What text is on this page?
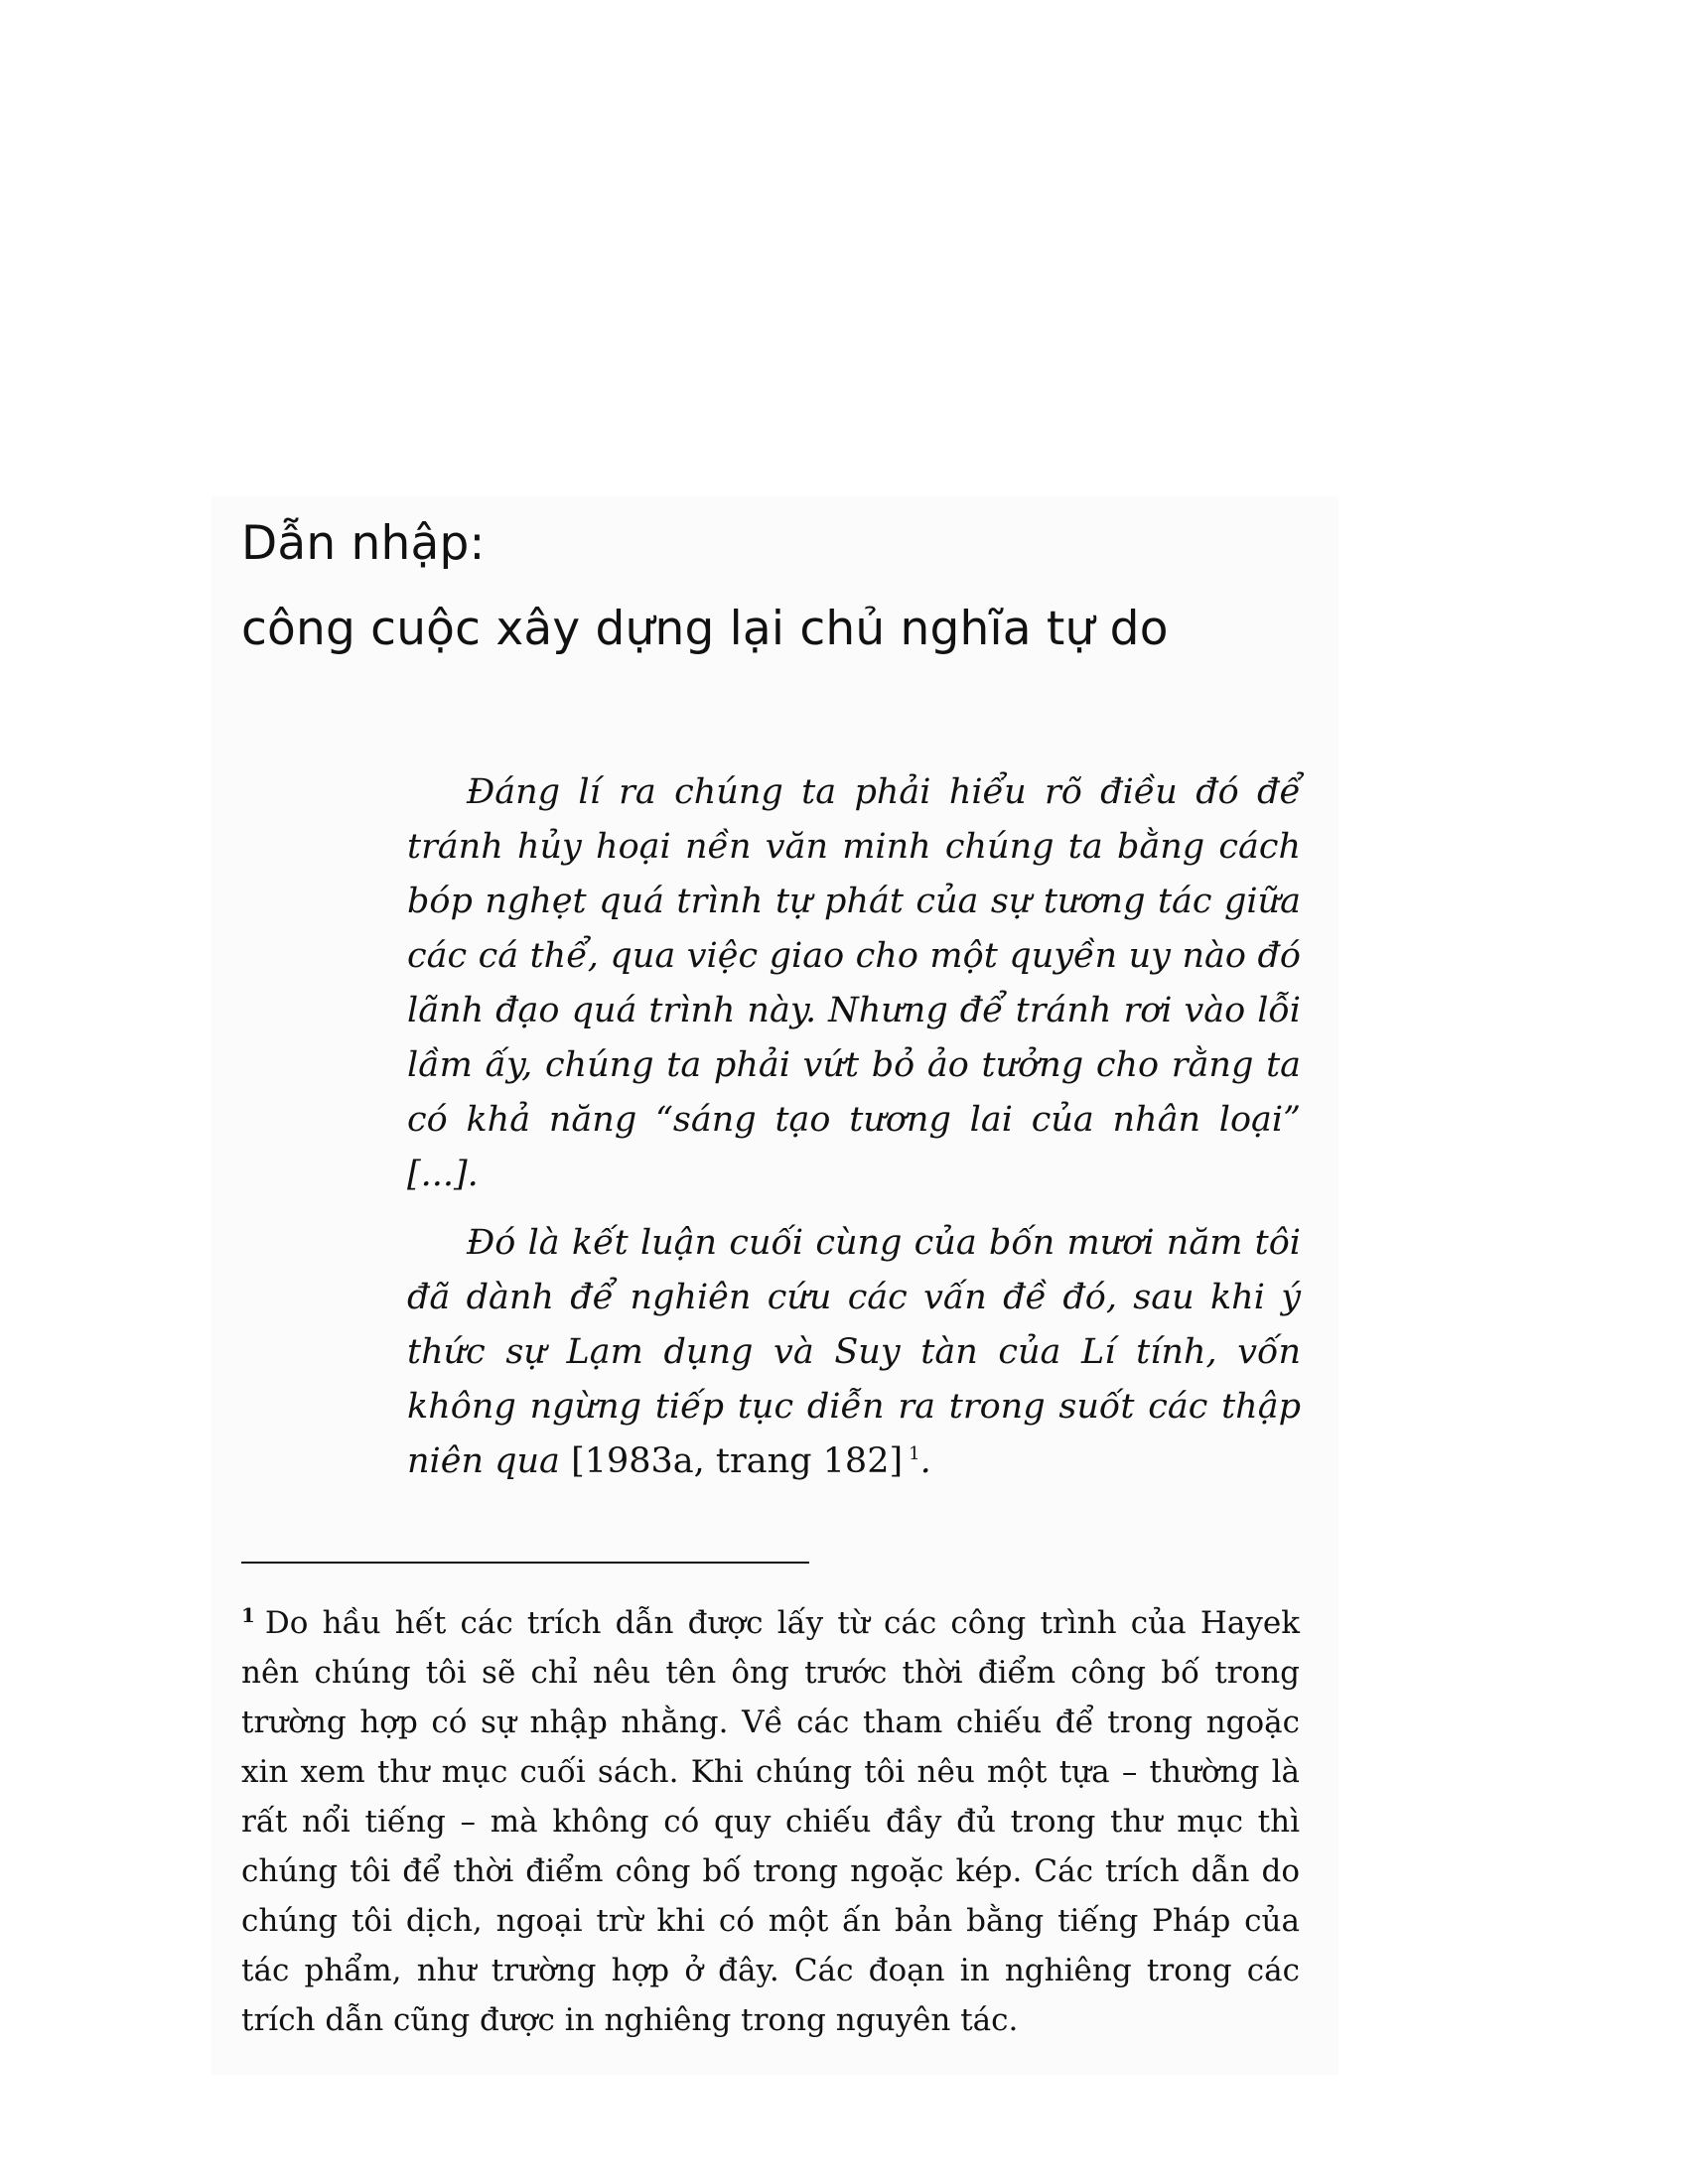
Dẫn nhập:
công cuộc xây dựng lại chủ nghĩa tự do

Đáng lí ra chúng ta phải hiểu rõ điều đó để tránh hủy hoại nền văn minh chúng ta bằng cách bóp nghẹt quá trình tự phát của sự tương tác giữa các cá thể, qua việc giao cho một quyền uy nào đó lãnh đạo quá trình này. Nhưng để tránh rơi vào lỗi lầm ấy, chúng ta phải vứt bỏ ảo tưởng cho rằng ta có khả năng “sáng tạo tương lai của nhân loại” [...].

Đó là kết luận cuối cùng của bốn mươi năm tôi đã dành để nghiên cứu các vấn đề đó, sau khi ý thức sự Lạm dụng và Suy tàn của Lí tính, vốn không ngừng tiếp tục diễn ra trong suốt các thập niên qua [1983a, trang 182] $^1$.

$^1$ Do hầu hết các trích dẫn được lấy từ các công trình của Hayek nên chúng tôi sẽ chỉ nêu tên ông trước thời điểm công bố trong trường hợp có sự nhập nhằng. Về các tham chiếu để trong ngoặc xin xem thư mục cuối sách. Khi chúng tôi nêu một tựa – thường là rất nổi tiếng – mà không có quy chiếu đầy đủ trong thư mục thì chúng tôi để thời điểm công bố trong ngoặc kép. Các trích dẫn do chúng tôi dịch, ngoại trừ khi có một ấn bản bằng tiếng Pháp của tác phẩm, như trường hợp ở đây. Các đoạn in nghiêng trong các trích dẫn cũng được in nghiêng trong nguyên tác.
